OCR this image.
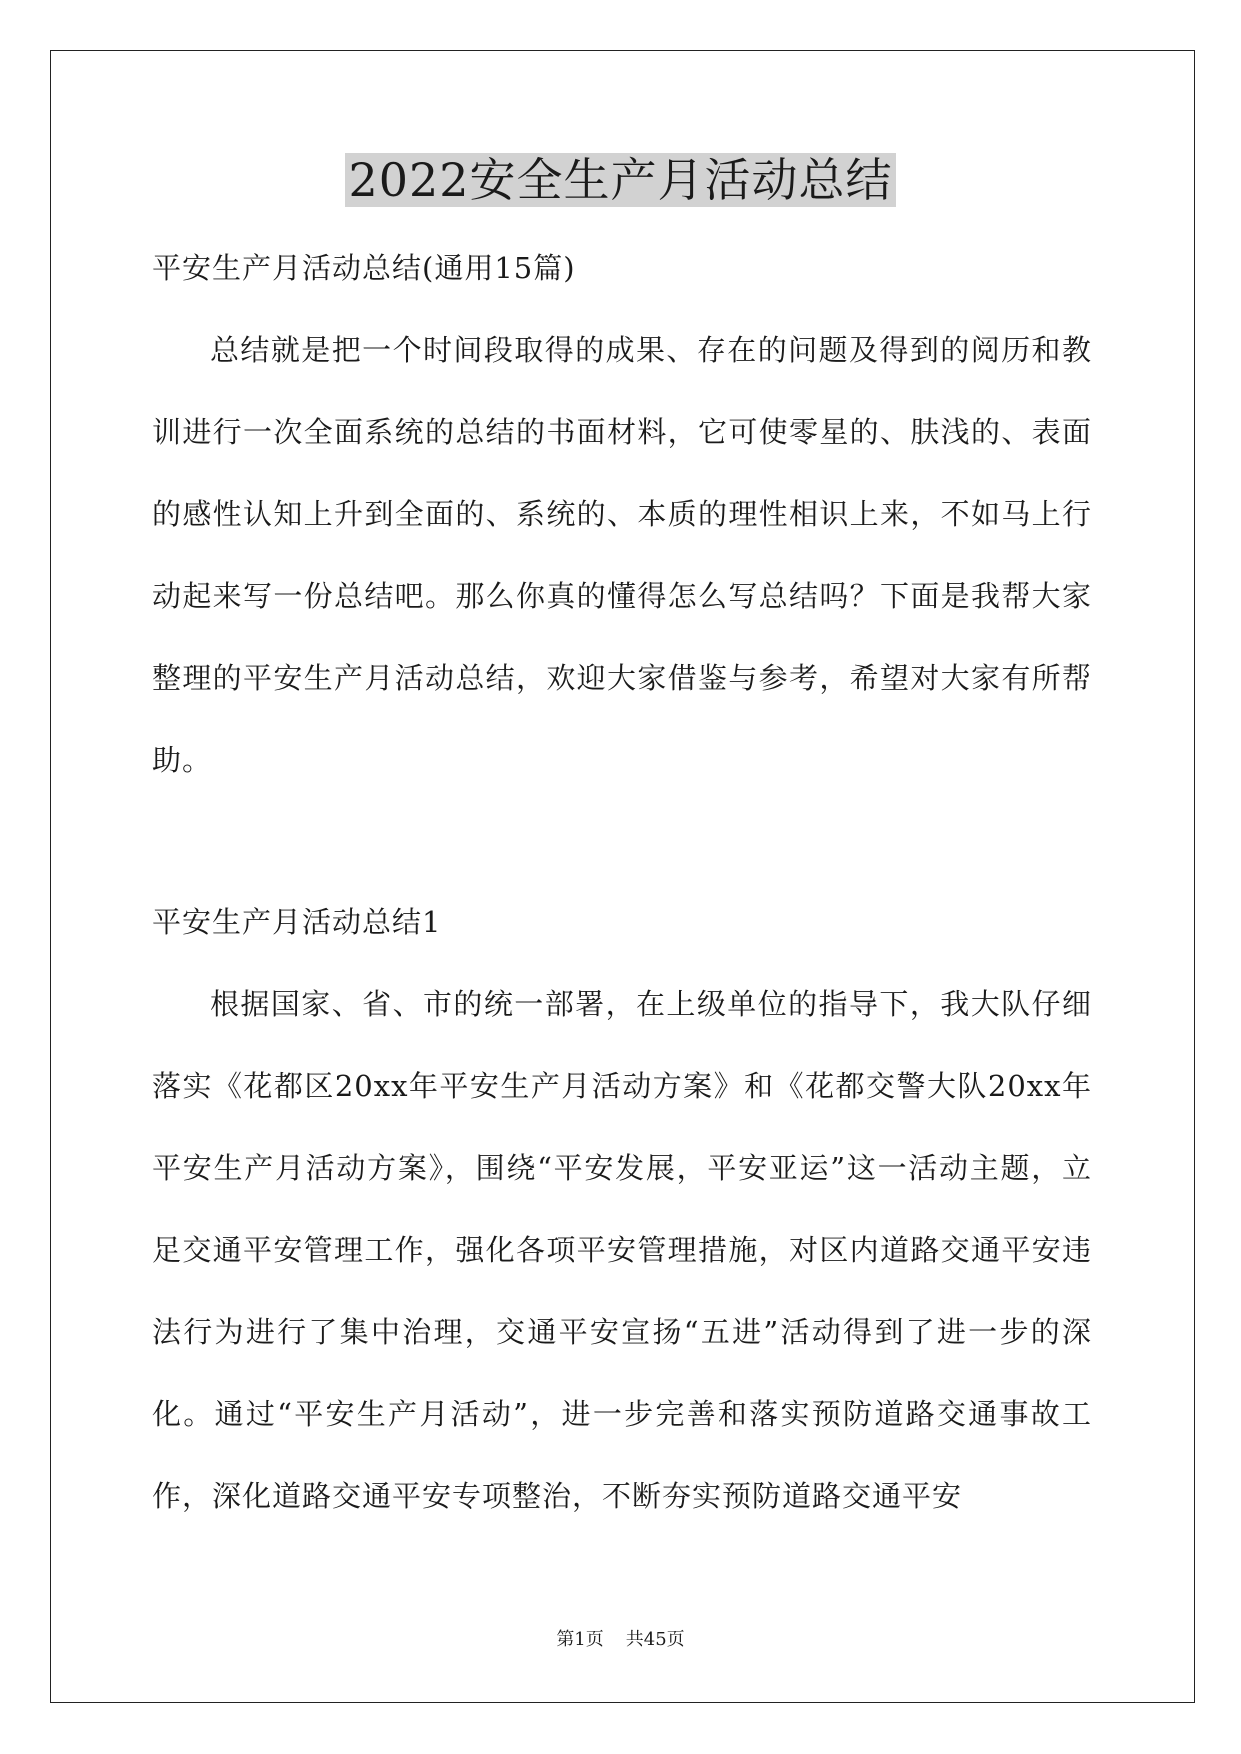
2022安全生产月活动总结

平安生产月活动总结(通用15篇)

总结就是把一个时间段取得的成果、存在的问题及得到的阅历和教训进行一次全面系统的总结的书面材料，它可使零星的、肤浅的、表面的感性认知上升到全面的、系统的、本质的理性相识上来，不如马上行动起来写一份总结吧。那么你真的懂得怎么写总结吗？下面是我帮大家整理的平安生产月活动总结，欢迎大家借鉴与参考，希望对大家有所帮助。

平安生产月活动总结1

根据国家、省、市的统一部署，在上级单位的指导下，我大队仔细落实《花都区20xx年平安生产月活动方案》和《花都交警大队20xx年平安生产月活动方案》，围绕“平安发展，平安亚运”这一活动主题，立足交通平安管理工作，强化各项平安管理措施，对区内道路交通平安违法行为进行了集中治理，交通平安宣扬“五进”活动得到了进一步的深化。通过“平安生产月活动”，进一步完善和落实预防道路交通事故工作，深化道路交通平安专项整治，不断夯实预防道路交通平安

第1页 共45页
